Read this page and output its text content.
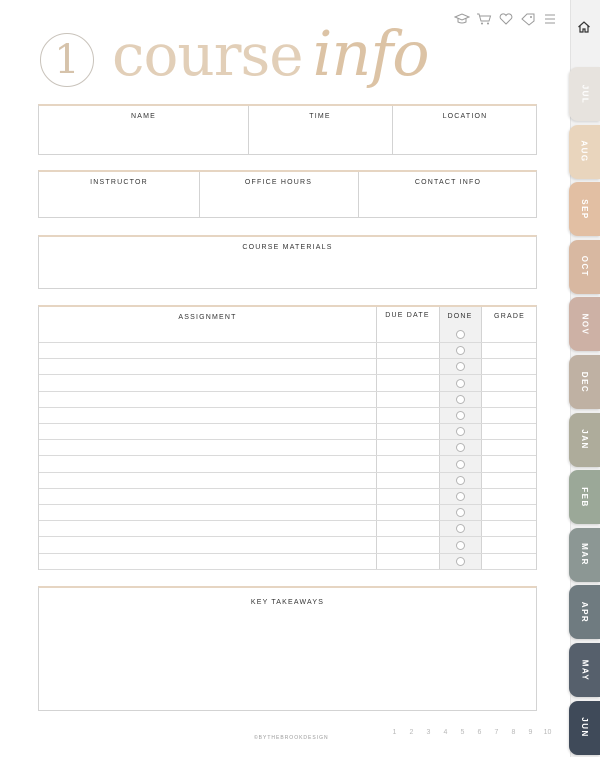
1 course info
NAME	TIME	LOCATION
INSTRUCTOR	OFFICE HOURS	CONTACT INFO
COURSE MATERIALS
ASSIGNMENT	DUE DATE	DONE	GRADE
KEY TAKEAWAYS
©BYTHEBROOKDESIGN
1	2	3	4	5	6	7	8	9	10
JUL
AUG
SEP
OCT
NOV
DEC
JAN
FEB
MAR
APR
MAY
JUN
